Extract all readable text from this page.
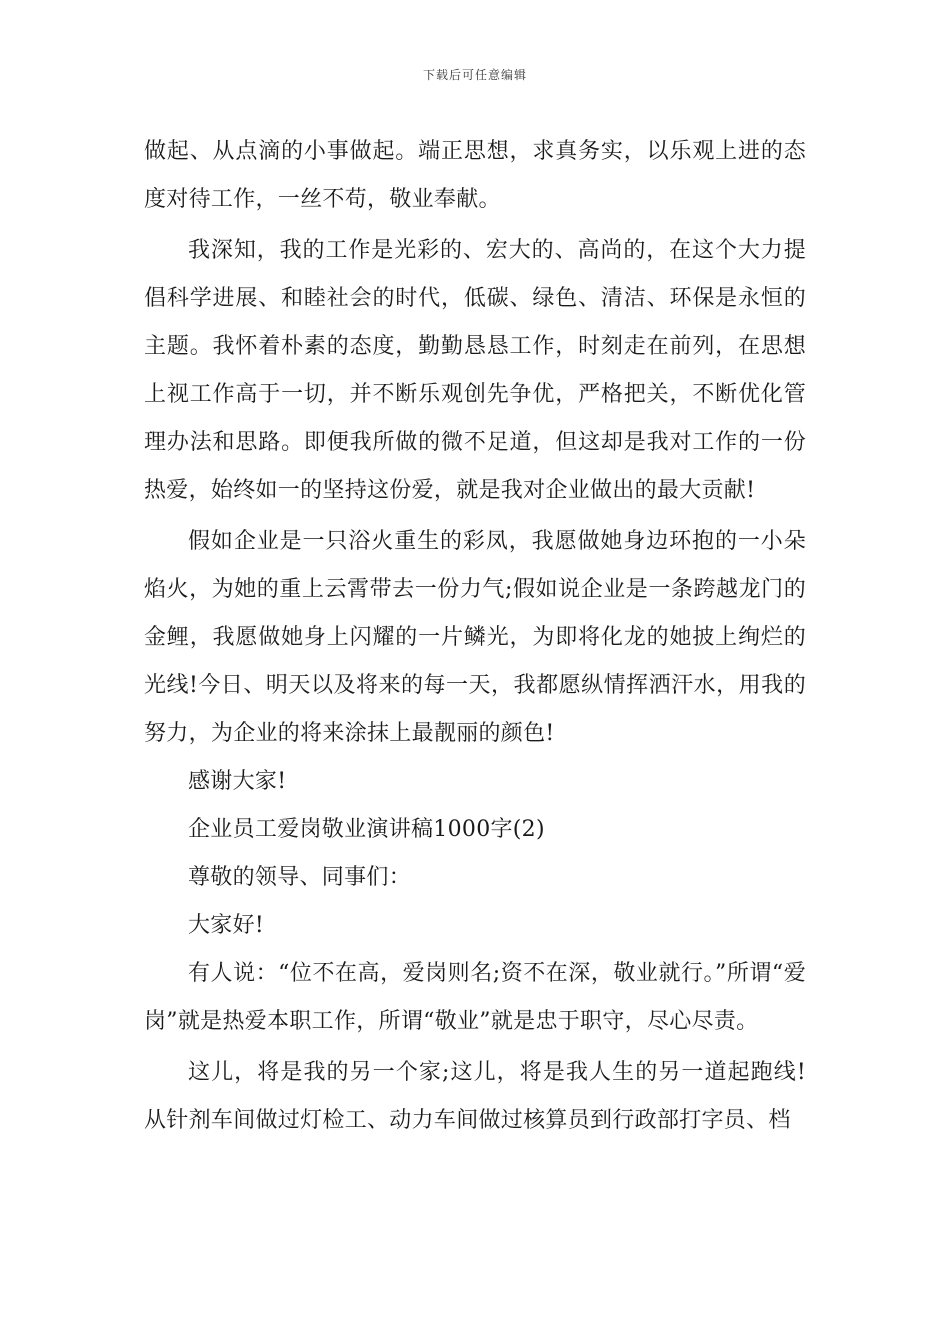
下载后可任意编辑

做起、从点滴的小事做起。端正思想，求真务实，以乐观上进的态度对待工作，一丝不苟，敬业奉献。

我深知，我的工作是光彩的、宏大的、高尚的，在这个大力提倡科学进展、和睦社会的时代，低碳、绿色、清洁、环保是永恒的主题。我怀着朴素的态度，勤勤恳恳工作，时刻走在前列，在思想上视工作高于一切，并不断乐观创先争优，严格把关，不断优化管理办法和思路。即便我所做的微不足道，但这却是我对工作的一份热爱，始终如一的坚持这份爱，就是我对企业做出的最大贡献!

假如企业是一只浴火重生的彩凤，我愿做她身边环抱的一小朵焰火，为她的重上云霄带去一份力气;假如说企业是一条跨越龙门的金鲤，我愿做她身上闪耀的一片鳞光，为即将化龙的她披上绚烂的光线!今日、明天以及将来的每一天，我都愿纵情挥洒汗水，用我的努力，为企业的将来涂抹上最靓丽的颜色!

感谢大家!

企业员工爱岗敬业演讲稿1000字(2)

尊敬的领导、同事们：

大家好!

有人说：“位不在高，爱岗则名;资不在深，敬业就行。”所谓“爱岗”就是热爱本职工作，所谓“敬业”就是忠于职守，尽心尽责。

这儿，将是我的另一个家;这儿，将是我人生的另一道起跑线!从针剂车间做过灯检工、动力车间做过核算员到行政部打字员、档
